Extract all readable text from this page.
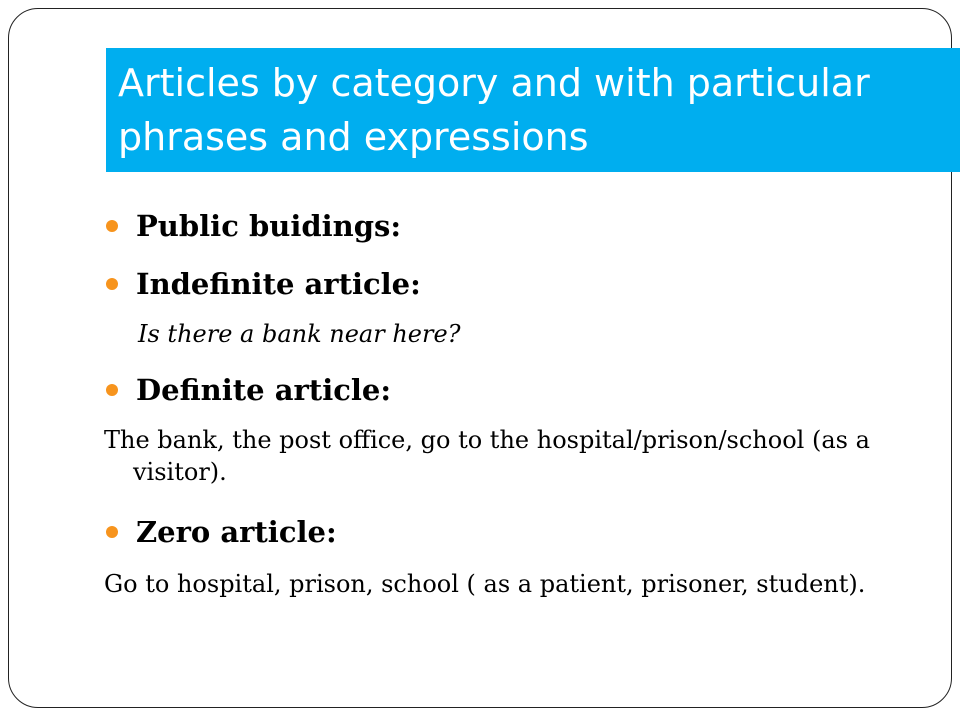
Articles by category and with particular phrases and expressions
Public buidings:
Indefinite article:
Is there a bank near here?
Definite article:
The bank, the post office, go to the hospital/prison/school (as a visitor).
Zero article:
Go to hospital, prison, school ( as a patient, prisoner, student).
